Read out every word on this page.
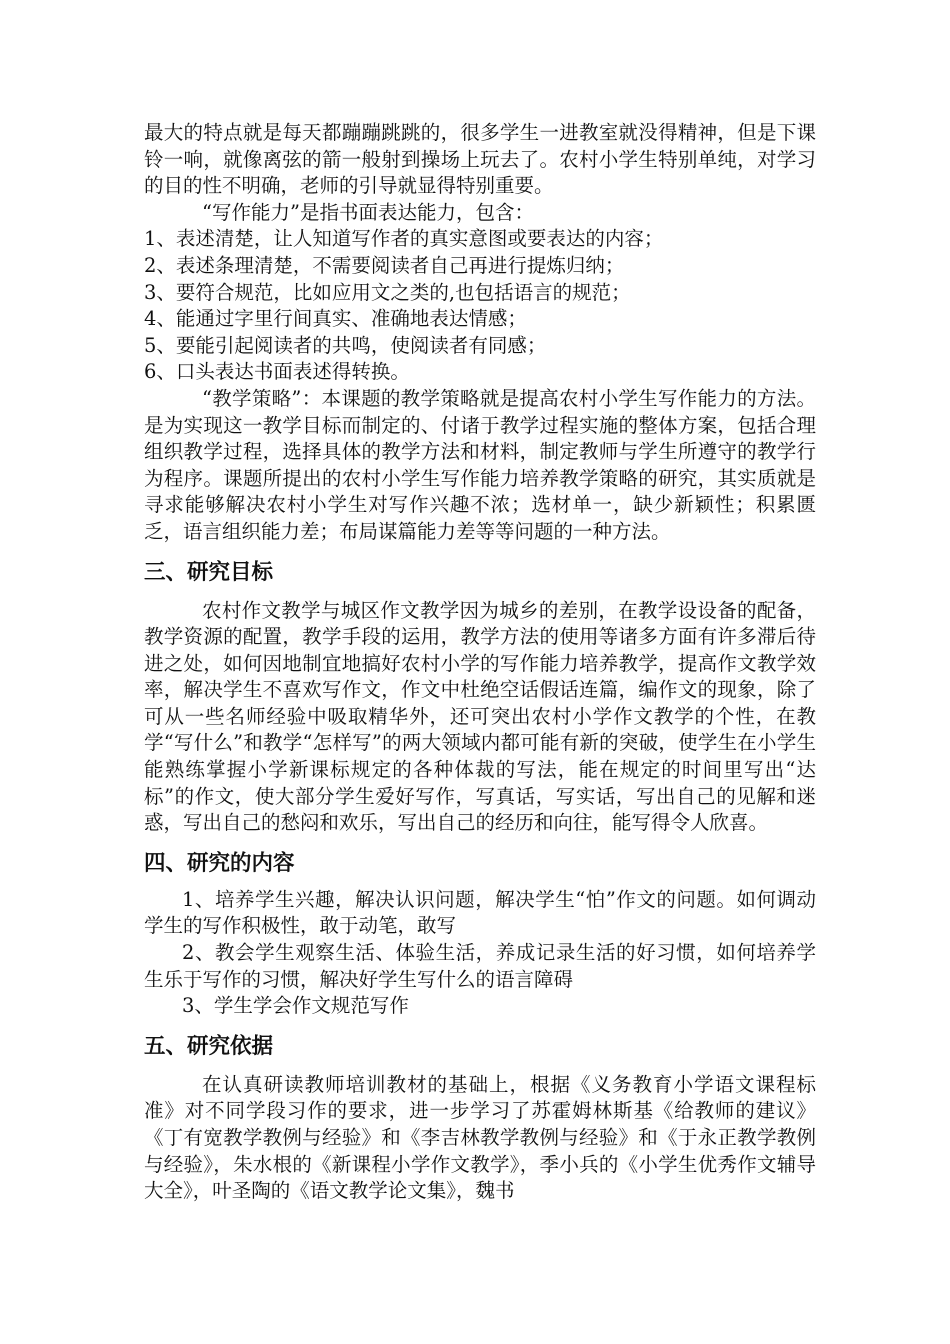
最大的特点就是每天都蹦蹦跳跳的，很多学生一进教室就没得精神，但是下课铃一响，就像离弦的箭一般射到操场上玩去了。农村小学生特别单纯，对学习的目的性不明确，老师的引导就显得特别重要。

“写作能力”是指书面表达能力，包含：

1、表述清楚，让人知道写作者的真实意图或要表达的内容；

2、表述条理清楚，不需要阅读者自己再进行提炼归纳；

3、要符合规范，比如应用文之类的,也包括语言的规范；

4、能通过字里行间真实、准确地表达情感；

5、要能引起阅读者的共鸣，使阅读者有同感；

6、口头表达书面表述得转换。

“教学策略”：本课题的教学策略就是提高农村小学生写作能力的方法。是为实现这一教学目标而制定的、付诸于教学过程实施的整体方案，包括合理组织教学过程，选择具体的教学方法和材料，制定教师与学生所遵守的教学行为程序。课题所提出的农村小学生写作能力培养教学策略的研究，其实质就是寻求能够解决农村小学生对写作兴趣不浓；选材单一，缺少新颖性；积累匮乏，语言组织能力差；布局谋篇能力差等等问题的一种方法。

三、研究目标

农村作文教学与城区作文教学因为城乡的差别，在教学设设备的配备，教学资源的配置，教学手段的运用，教学方法的使用等诸多方面有许多滞后待进之处，如何因地制宜地搞好农村小学的写作能力培养教学，提高作文教学效率，解决学生不喜欢写作文，作文中杜绝空话假话连篇，编作文的现象，除了可从一些名师经验中吸取精华外，还可突出农村小学作文教学的个性，在教学“写什么”和教学“怎样写”的两大领域内都可能有新的突破，使学生在小学生能熟练掌握小学新课标规定的各种体裁的写法，能在规定的时间里写出“达标”的作文，使大部分学生爱好写作，写真话，写实话，写出自己的见解和迷惑，写出自己的愁闷和欢乐，写出自己的经历和向往，能写得令人欣喜。

四、研究的内容

1、培养学生兴趣，解决认识问题，解决学生“怕”作文的问题。如何调动学生的写作积极性，敢于动笔，敢写

2、教会学生观察生活、体验生活，养成记录生活的好习惯，如何培养学生乐于写作的习惯，解决好学生写什么的语言障碍

3、学生学会作文规范写作

五、研究依据

在认真研读教师培训教材的基础上，根据《义务教育小学语文课程标准》对不同学段习作的要求，进一步学习了苏霍姆林斯基《给教师的建议》《丁有宽教学教例与经验》和《李吉林教学教例与经验》和《于永正教学教例与经验》，朱水根的《新课程小学作文教学》，季小兵的《小学生优秀作文辅导大全》，叶圣陶的《语文教学论文集》，魏书
